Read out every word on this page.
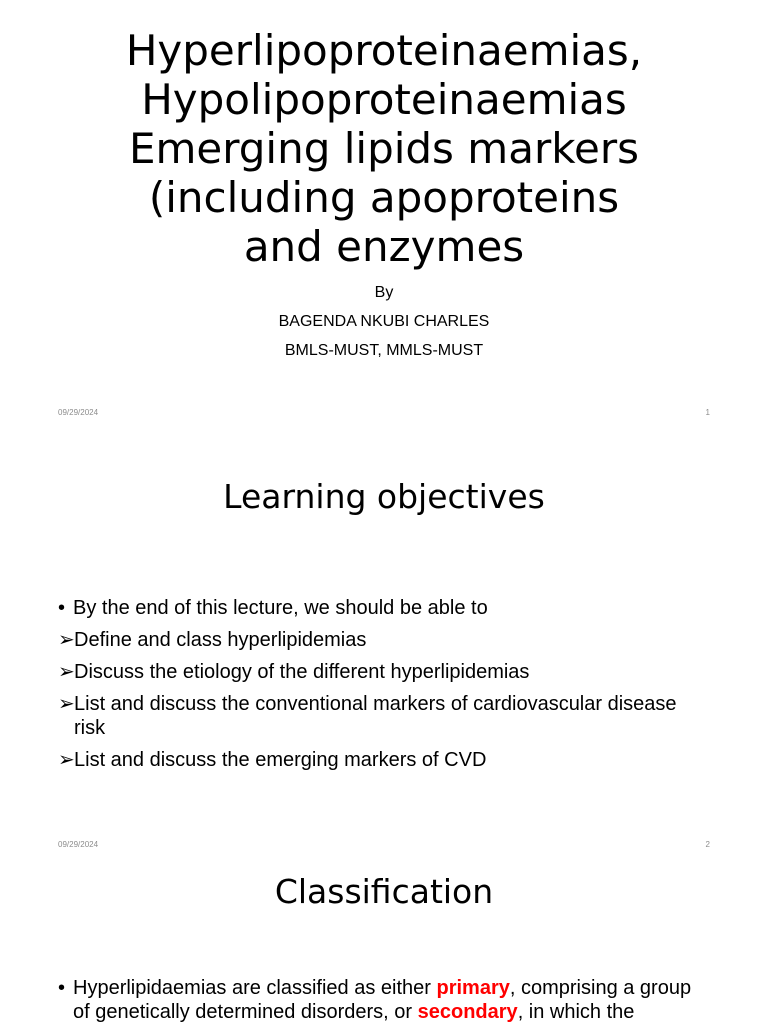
Hyperlipoproteinaemias,
Hypolipoproteinaemias
Emerging lipids markers
(including apoproteins
and enzymes
By
BAGENDA NKUBI CHARLES
BMLS-MUST, MMLS-MUST
09/29/2024	1
Learning objectives
• By the end of this lecture, we should be able to
➢ Define and class hyperlipidemias
➢ Discuss the etiology of the different hyperlipidemias
➢ List and discuss the conventional markers of cardiovascular disease risk
➢ List and discuss the emerging markers of CVD
09/29/2024	2
Classification
• Hyperlipidaemias are classified as either primary, comprising a group of genetically determined disorders, or secondary, in which the
